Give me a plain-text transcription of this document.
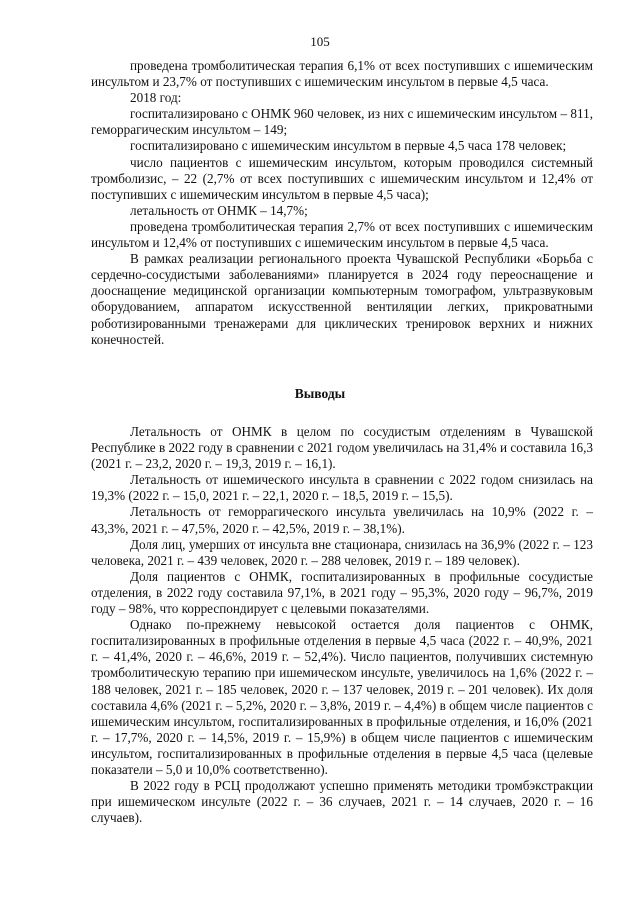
105

проведена тромболитическая терапия 6,1% от всех поступивших с ишемическим инсультом и 23,7% от поступивших с ишемическим инсультом в первые 4,5 часа.

2018 год:

госпитализировано с ОНМК 960 человек, из них с ишемическим инсультом – 811, геморрагическим инсультом – 149;

госпитализировано с ишемическим инсультом в первые 4,5 часа 178 человек;

число пациентов с ишемическим инсультом, которым проводился системный тромболизис, – 22 (2,7% от всех поступивших с ишемическим инсультом и 12,4% от поступивших с ишемическим инсультом в первые 4,5 часа);

летальность от ОНМК – 14,7%;

проведена тромболитическая терапия 2,7% от всех поступивших с ишемическим инсультом и 12,4% от поступивших с ишемическим инсультом в первые 4,5 часа.

В рамках реализации регионального проекта Чувашской Республики «Борьба с сердечно-сосудистыми заболеваниями» планируется в 2024 году переоснащение и дооснащение медицинской организации компьютерным томографом, ультразвуковым оборудованием, аппаратом искусственной вентиляции легких, прикроватными роботизированными тренажерами для циклических тренировок верхних и нижних конечностей.

Выводы

Летальность от ОНМК в целом по сосудистым отделениям в Чувашской Республике в 2022 году в сравнении с 2021 годом увеличилась на 31,4% и составила 16,3 (2021 г. – 23,2, 2020 г. – 19,3, 2019 г. – 16,1).

Летальность от ишемического инсульта в сравнении с 2022 годом снизилась на 19,3% (2022 г. – 15,0, 2021 г. – 22,1, 2020 г. – 18,5, 2019 г. – 15,5).

Летальность от геморрагического инсульта увеличилась на 10,9% (2022 г. – 43,3%, 2021 г. – 47,5%, 2020 г. – 42,5%, 2019 г. – 38,1%).

Доля лиц, умерших от инсульта вне стационара, снизилась на 36,9% (2022 г. – 123 человека, 2021 г. – 439 человек, 2020 г. – 288 человек, 2019 г. – 189 человек).

Доля пациентов с ОНМК, госпитализированных в профильные сосудистые отделения, в 2022 году составила 97,1%, в 2021 году – 95,3%, 2020 году – 96,7%, 2019 году – 98%, что корреспондирует с целевыми показателями.

Однако по-прежнему невысокой остается доля пациентов с ОНМК, госпитализированных в профильные отделения в первые 4,5 часа (2022 г. – 40,9%, 2021 г. – 41,4%, 2020 г. – 46,6%, 2019 г. – 52,4%). Число пациентов, получивших системную тромболитическую терапию при ишемическом инсульте, увеличилось на 1,6% (2022 г. – 188 человек, 2021 г. – 185 человек, 2020 г. – 137 человек, 2019 г. – 201 человек). Их доля составила 4,6% (2021 г. – 5,2%, 2020 г. – 3,8%, 2019 г. – 4,4%) в общем числе пациентов с ишемическим инсультом, госпитализированных в профильные отделения, и 16,0% (2021 г. – 17,7%, 2020 г. – 14,5%, 2019 г. – 15,9%) в общем числе пациентов с ишемическим инсультом, госпитализированных в профильные отделения в первые 4,5 часа (целевые показатели – 5,0 и 10,0% соответственно).

В 2022 году в РСЦ продолжают успешно применять методики тромбэкстракции при ишемическом инсульте (2022 г. – 36 случаев, 2021 г. – 14 случаев, 2020 г. – 16 случаев).
